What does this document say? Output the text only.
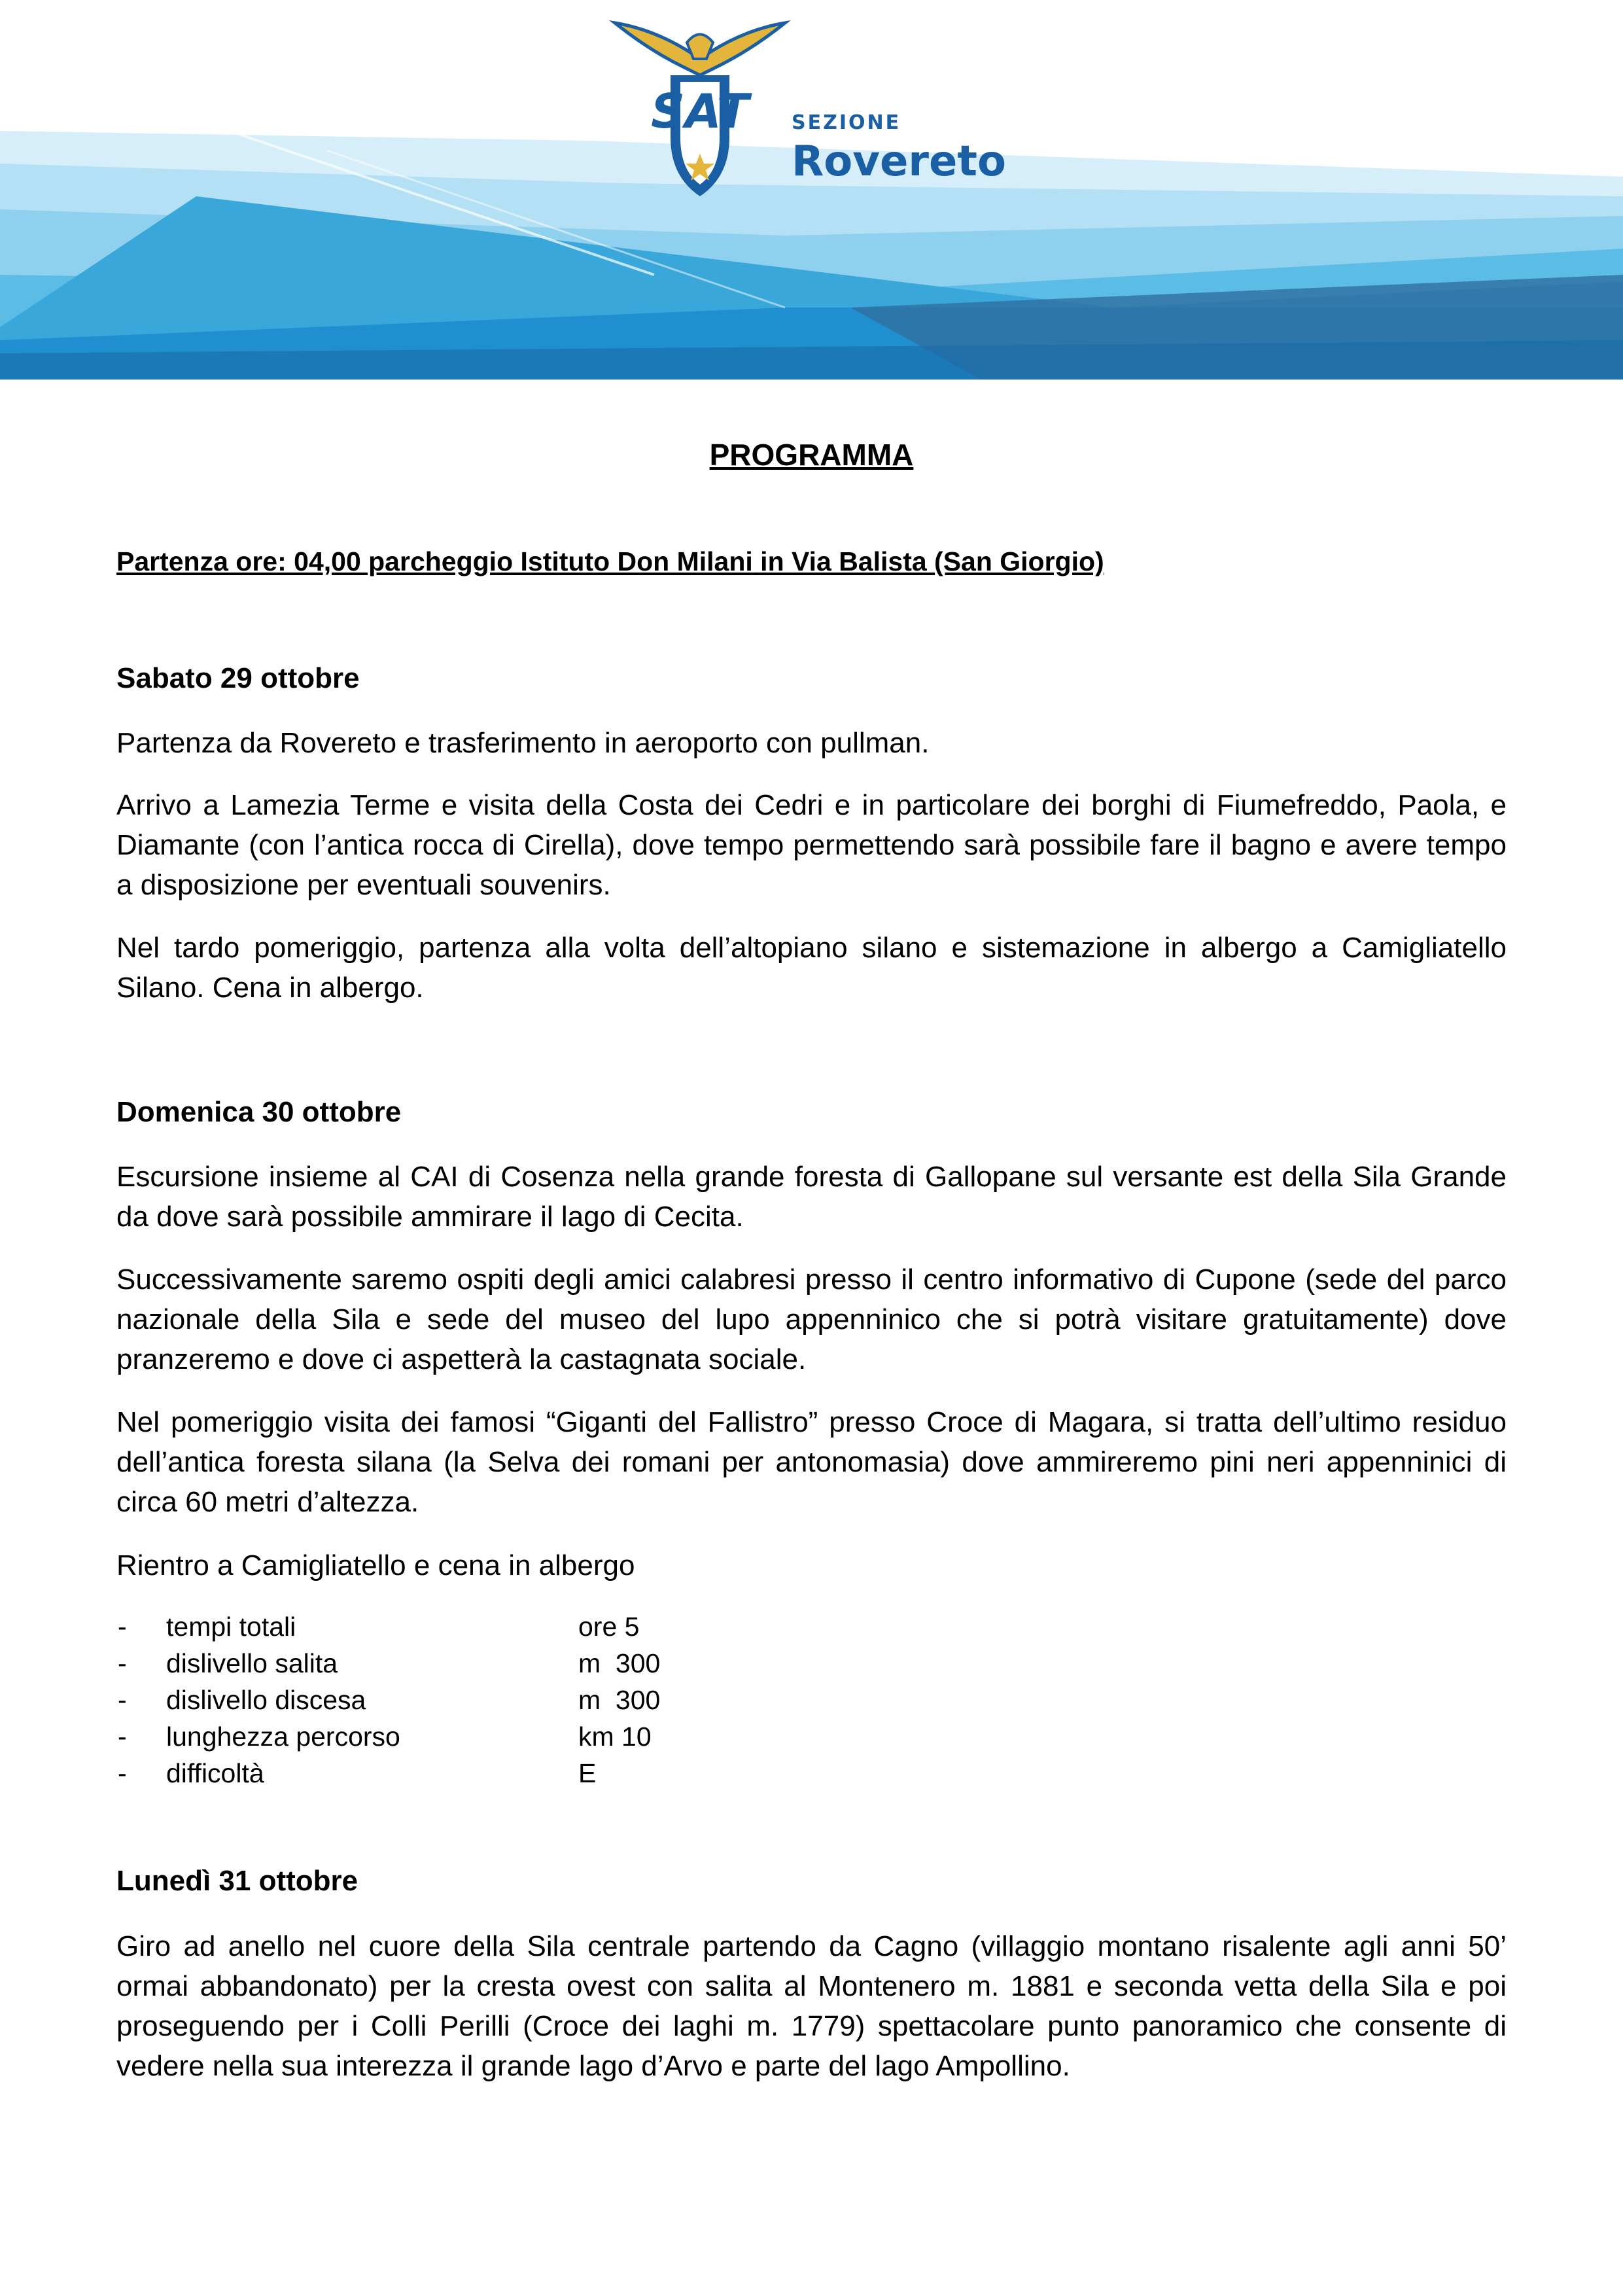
SAT SEZIONE
Rovereto
PROGRAMMA

Partenza ore: 04,00 parcheggio Istituto Don Milani in Via Balista (San Giorgio)

Sabato 29 ottobre

Partenza da Rovereto e trasferimento in aeroporto con pullman.

Arrivo a Lamezia Terme e visita della Costa dei Cedri e in particolare dei borghi di Fiumefreddo, Paola, e Diamante (con l’antica rocca di Cirella), dove tempo permettendo sarà possibile fare il bagno e avere tempo a disposizione per eventuali souvenirs.

Nel tardo pomeriggio, partenza alla volta dell’altopiano silano e sistemazione in albergo a Camigliatello Silano. Cena in albergo.

Domenica 30 ottobre

Escursione insieme al CAI di Cosenza nella grande foresta di Gallopane sul versante est della Sila Grande da dove sarà possibile ammirare il lago di Cecita.

Successivamente saremo ospiti degli amici calabresi presso il centro informativo di Cupone (sede del parco nazionale della Sila e sede del museo del lupo appenninico che si potrà visitare gratuitamente) dove pranzeremo e dove ci aspetterà la castagnata sociale.

Nel pomeriggio visita dei famosi “Giganti del Fallistro” presso Croce di Magara, si tratta dell’ultimo residuo dell’antica foresta silana (la Selva dei romani per antonomasia) dove ammireremo pini neri appenninici di circa 60 metri d’altezza.

Rientro a Camigliatello e cena in albergo

- tempi totali	ore 5
- dislivello salita	m  300
- dislivello discesa	m  300
- lunghezza percorso	km 10
- difficoltà	E
Lunedì 31 ottobre

Giro ad anello nel cuore della Sila centrale partendo da Cagno (villaggio montano risalente agli anni 50’ ormai abbandonato) per la cresta ovest con salita al Montenero m. 1881 e seconda vetta della Sila e poi proseguendo per i Colli Perilli (Croce dei laghi m. 1779) spettacolare punto panoramico che consente di vedere nella sua interezza il grande lago d’Arvo e parte del lago Ampollino.
